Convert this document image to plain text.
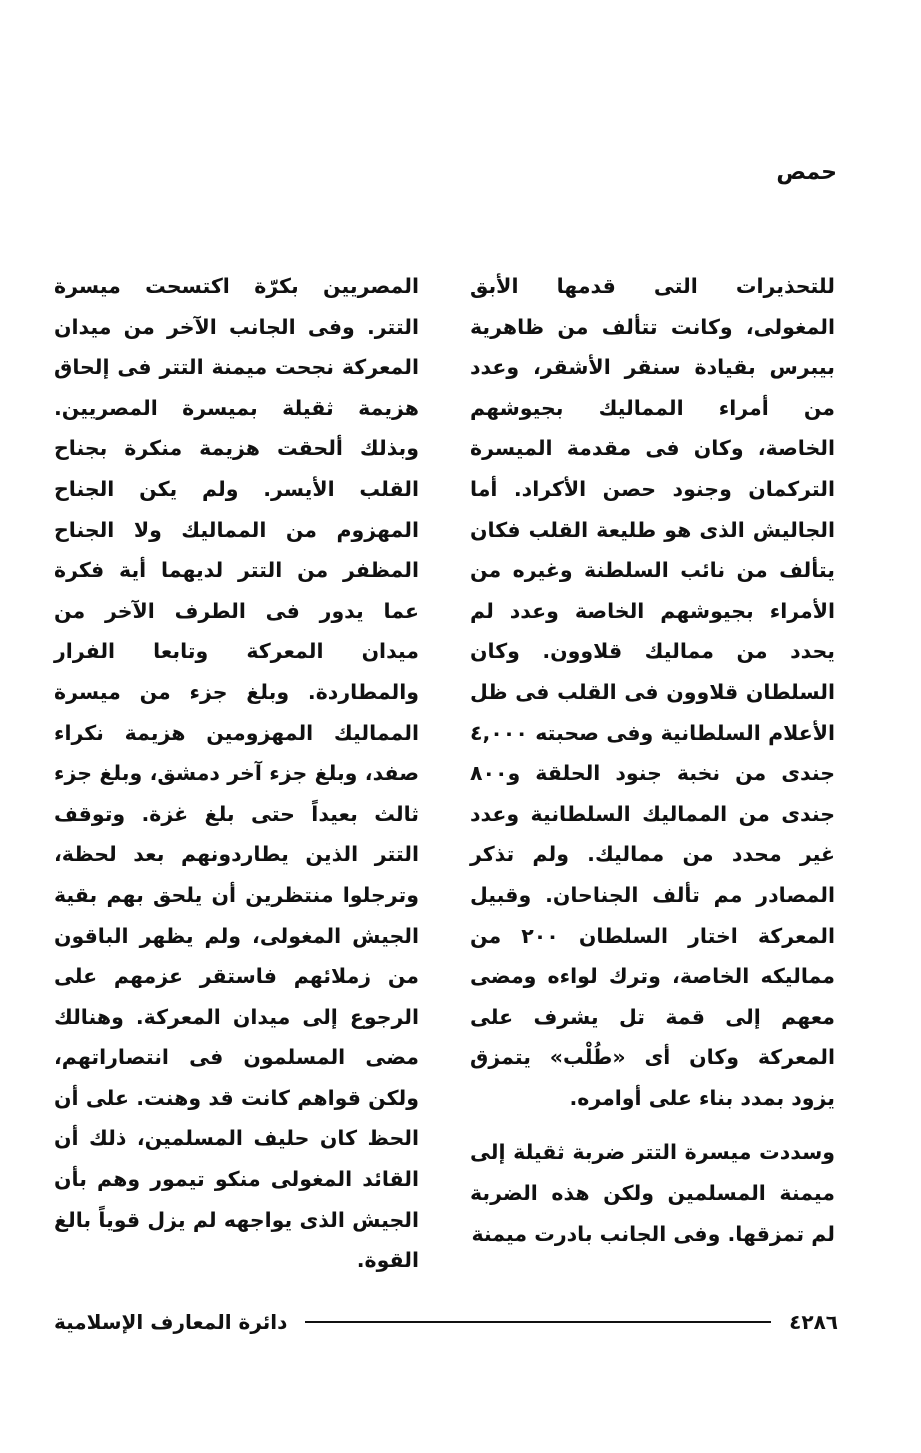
حمص

للتحذيرات التى قدمها الأبق المغولى، وكانت تتألف من ظاهرية بيبرس بقيادة سنقر الأشقر، وعدد من أمراء المماليك بجيوشهم الخاصة، وكان فى مقدمة الميسرة التركمان وجنود حصن الأكراد. أما الجاليش الذى هو طليعة القلب فكان يتألف من نائب السلطنة وغيره من الأمراء بجيوشهم الخاصة وعدد لم يحدد من مماليك قلاوون. وكان السلطان قلاوون فى القلب فى ظل الأعلام السلطانية وفى صحبته ٤,٠٠٠ جندى من نخبة جنود الحلقة و٨٠٠ جندى من المماليك السلطانية وعدد غير محدد من مماليك. ولم تذكر المصادر مم تألف الجناحان. وقبيل المعركة اختار السلطان ٢٠٠ من مماليكه الخاصة، وترك لواءه ومضى معهم إلى قمة تل يشرف على المعركة وكان أى «طُلْب» يتمزق يزود بمدد بناء على أوامره.

وسددت ميسرة التتر ضربة ثقيلة إلى ميمنة المسلمين ولكن هذه الضربة لم تمزقها. وفى الجانب بادرت ميمنة

المصريين بكرّة اكتسحت ميسرة التتر. وفى الجانب الآخر من ميدان المعركة نجحت ميمنة التتر فى إلحاق هزيمة ثقيلة بميسرة المصريين. وبذلك ألحقت هزيمة منكرة بجناح القلب الأيسر. ولم يكن الجناح المهزوم من المماليك ولا الجناح المظفر من التتر لديهما أية فكرة عما يدور فى الطرف الآخر من ميدان المعركة وتابعا الفرار والمطاردة. وبلغ جزء من ميسرة المماليك المهزومين هزيمة نكراء صفد، وبلغ جزء آخر دمشق، وبلغ جزء ثالث بعيداً حتى بلغ غزة. وتوقف التتر الذين يطاردونهم بعد لحظة، وترجلوا منتظرين أن يلحق بهم بقية الجيش المغولى، ولم يظهر الباقون من زملائهم فاستقر عزمهم على الرجوع إلى ميدان المعركة. وهنالك مضى المسلمون فى انتصاراتهم، ولكن قواهم كانت قد وهنت. على أن الحظ كان حليف المسلمين، ذلك أن القائد المغولى منكو تيمور وهم بأن الجيش الذى يواجهه لم يزل قوياً بالغ القوة.

٤٢٨٦
دائرة المعارف الإسلامية
